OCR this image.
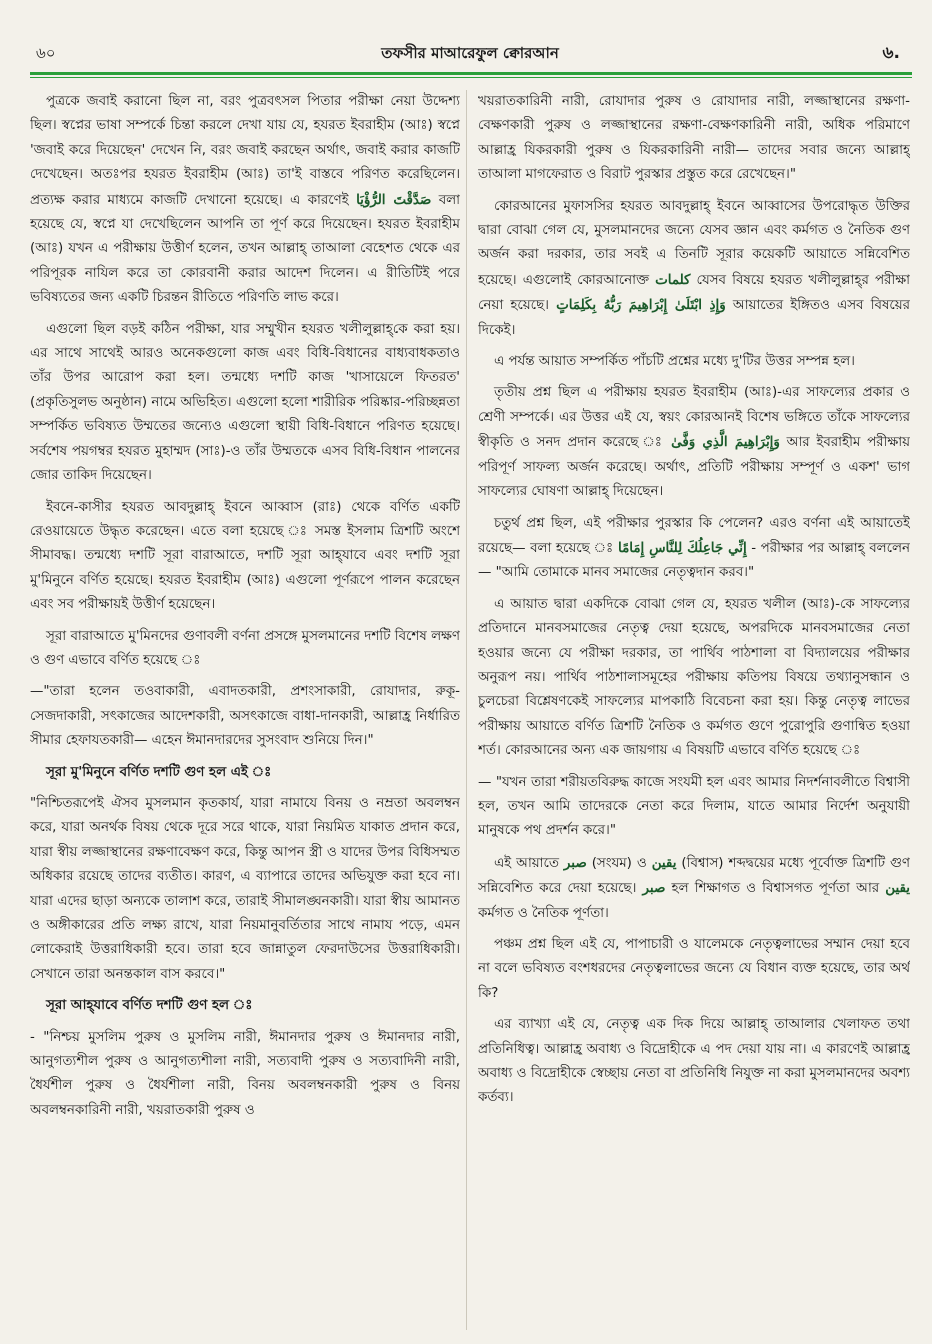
৬০	তফসীর মাআরেফুল ক্বোরআন	৬.

পুত্রকে জবাই করানো ছিল না, বরং পুত্রবৎসল পিতার পরীক্ষা নেয়া উদ্দেশ্য ছিল। স্বপ্নের ভাষা সম্পর্কে চিন্তা করলে দেখা যায় যে, হযরত ইবরাহীম (আঃ) স্বপ্নে 'জবাই করে দিয়েছেন' দেখেন নি, বরং জবাই করছেন অর্থাৎ, জবাই করার কাজটি দেখেছেন। অতঃপর হযরত ইবরাহীম (আঃ) তা'ই বাস্তবে পরিণত করেছিলেন। প্রত্যক্ষ করার মাধ্যমে কাজটি দেখানো হয়েছে। এ কারণেই صَدَّقْتَ الرُّؤْيَا বলা হয়েছে যে, স্বপ্নে যা দেখেছিলেন আপনি তা পূর্ণ করে দিয়েছেন। হযরত ইবরাহীম (আঃ) যখন এ পরীক্ষায় উত্তীর্ণ হলেন, তখন আল্লাহ্ তাআলা বেহেশত থেকে এর পরিপূরক নাযিল করে তা কোরবানী করার আদেশ দিলেন। এ রীতিটিই পরে ভবিষ্যতের জন্য একটি চিরন্তন রীতিতে পরিণতি লাভ করে।

এগুলো ছিল বড়ই কঠিন পরীক্ষা, যার সম্মুখীন হযরত খলীলুল্লাহ্‌কে করা হয়। এর সাথে সাথেই আরও অনেকগুলো কাজ এবং বিধি-বিধানের বাধ্যবাধকতাও তাঁর উপর আরোপ করা হল। তন্মধ্যে দশটি কাজ 'খাসায়েলে ফিতরত' (প্রকৃতিসুলভ অনুষ্ঠান) নামে অভিহিত। এগুলো হলো শারীরিক পরিষ্কার-পরিচ্ছন্নতা সম্পর্কিত ভবিষ্যত উম্মতের জন্যেও এগুলো স্থায়ী বিধি-বিধানে পরিণত হয়েছে। সর্বশেষ পয়গম্বর হযরত মুহাম্মদ (সাঃ)-ও তাঁর উম্মতকে এসব বিধি-বিধান পালনের জোর তাকিদ দিয়েছেন।

ইবনে-কাসীর হযরত আবদুল্লাহ্ ইবনে আব্বাস (রাঃ) থেকে বর্ণিত একটি রেওয়ায়েতে উদ্ধৃত করেছেন। এতে বলা হয়েছে ঃ সমস্ত ইসলাম ত্রিশটি অংশে সীমাবদ্ধ। তন্মধ্যে দশটি সূরা বারাআতে, দশটি সূরা আহ্‌যাবে এবং দশটি সূরা মু'মিনুনে বর্ণিত হয়েছে। হযরত ইবরাহীম (আঃ) এগুলো পূর্ণরূপে পালন করেছেন এবং সব পরীক্ষায়ই উত্তীর্ণ হয়েছেন।

সূরা বারাআতে মু'মিনদের গুণাবলী বর্ণনা প্রসঙ্গে মুসলমানের দশটি বিশেষ লক্ষণ ও গুণ এভাবে বর্ণিত হয়েছে ঃ

—"তারা হলেন তওবাকারী, এবাদতকারী, প্রশংসাকারী, রোযাদার, রুকূ-সেজদাকারী, সৎকাজের আদেশকারী, অসৎকাজে বাধা-দানকারী, আল্লাহ্র নির্ধারিত সীমার হেফাযতকারী— এহেন ঈমানদারদের সুসংবাদ শুনিয়ে দিন।"

সূরা মু'মিনুনে বর্ণিত দশটি গুণ হল এই ঃ

"নিশ্চিতরূপেই ঐসব মুসলমান কৃতকার্য, যারা নামাযে বিনয় ও নম্রতা অবলম্বন করে, যারা অনর্থক বিষয় থেকে দূরে সরে থাকে, যারা নিয়মিত যাকাত প্রদান করে, যারা স্বীয় লজ্জাস্থানের রক্ষণাবেক্ষণ করে, কিন্তু আপন স্ত্রী ও যাদের উপর বিধিসম্মত অধিকার রয়েছে তাদের ব্যতীত। কারণ, এ ব্যাপারে তাদের অভিযুক্ত করা হবে না। যারা এদের ছাড়া অন্যকে তালাশ করে, তারাই সীমালঙ্ঘনকারী। যারা স্বীয় আমানত ও অঙ্গীকারের প্রতি লক্ষ্য রাখে, যারা নিয়মানুবর্তিতার সাথে নামায পড়ে, এমন লোকেরাই উত্তরাধিকারী হবে। তারা হবে জান্নাতুল ফেরদাউসের উত্তরাধিকারী। সেখানে তারা অনন্তকাল বাস করবে।"

সূরা আহ্‌যাবে বর্ণিত দশটি গুণ হল ঃ

- "নিশ্চয় মুসলিম পুরুষ ও মুসলিম নারী, ঈমানদার পুরুষ ও ঈমানদার নারী, আনুগত্যশীল পুরুষ ও আনুগত্যশীলা নারী, সত্যবাদী পুরুষ ও সত্যবাদিনী নারী, ধৈর্যশীল পুরুষ ও ধৈর্যশীলা নারী, বিনয় অবলম্বনকারী পুরুষ ও বিনয় অবলম্বনকারিনী নারী, খয়রাতকারী পুরুষ ও

খয়রাতকারিনী নারী, রোযাদার পুরুষ ও রোযাদার নারী, লজ্জাস্থানের রক্ষণা-বেক্ষণকারী পুরুষ ও লজ্জাস্থানের রক্ষণা-বেক্ষণকারিনী নারী, অধিক পরিমাণে আল্লাহ্র যিকরকারী পুরুষ ও যিকরকারিনী নারী— তাদের সবার জন্যে আল্লাহ্ তাআলা মাগফেরাত ও বিরাট পুরস্কার প্রস্তুত করে রেখেছেন।"

কোরআনের মুফাসসির হযরত আবদুল্লাহ্ ইবনে আব্বাসের উপরোদ্ধৃত উক্তির দ্বারা বোঝা গেল যে, মুসলমানদের জন্যে যেসব জ্ঞান এবং কর্মগত ও নৈতিক গুণ অর্জন করা দরকার, তার সবই এ তিনটি সূরার কয়েকটি আয়াতে সন্নিবেশিত হয়েছে। এগুলোই কোরআনোক্ত كلمات যেসব বিষয়ে হযরত খলীলুল্লাহ্‌র পরীক্ষা নেয়া হয়েছে। وَإِذِ ابْتَلَىٰ إِبْرَاهِيمَ رَبُّهُ بِكَلِمَاتٍ আয়াতের ইঙ্গিতও এসব বিষয়ের দিকেই।

এ পর্যন্ত আয়াত সম্পর্কিত পাঁচটি প্রশ্নের মধ্যে দু'টির উত্তর সম্পন্ন হল।

তৃতীয় প্রশ্ন ছিল এ পরীক্ষায় হযরত ইবরাহীম (আঃ)-এর সাফল্যের প্রকার ও শ্রেণী সম্পর্কে। এর উত্তর এই যে, স্বয়ং কোরআনই বিশেষ ভঙ্গিতে তাঁকে সাফল্যের স্বীকৃতি ও সনদ প্রদান করেছে ঃ وَإِبْرَاهِيمَ الَّذِي وَفَّىٰ আর ইবরাহীম পরীক্ষায় পরিপূর্ণ সাফল্য অর্জন করেছে। অর্থাৎ, প্রতিটি পরীক্ষায় সম্পূর্ণ ও একশ' ভাগ সাফল্যের ঘোষণা আল্লাহ্ দিয়েছেন।

চতুর্থ প্রশ্ন ছিল, এই পরীক্ষার পুরস্কার কি পেলেন? এরও বর্ণনা এই আয়াতেই রয়েছে— বলা হয়েছে ঃ إِنِّي جَاعِلُكَ لِلنَّاسِ إِمَامًا - পরীক্ষার পর আল্লাহ্ বললেন— "আমি তোমাকে মানব সমাজের নেতৃত্বদান করব।"

এ আয়াত দ্বারা একদিকে বোঝা গেল যে, হযরত খলীল (আঃ)-কে সাফল্যের প্রতিদানে মানবসমাজের নেতৃত্ব দেয়া হয়েছে, অপরদিকে মানবসমাজের নেতা হওয়ার জন্যে যে পরীক্ষা দরকার, তা পার্থিব পাঠশালা বা বিদ্যালয়ের পরীক্ষার অনুরূপ নয়। পার্থিব পাঠশালাসমূহের পরীক্ষায় কতিপয় বিষয়ে তথ্যানুসন্ধান ও চুলচেরা বিশ্লেষণকেই সাফল্যের মাপকাঠি বিবেচনা করা হয়। কিন্তু নেতৃত্ব লাভের পরীক্ষায় আয়াতে বর্ণিত ত্রিশটি নৈতিক ও কর্মগত গুণে পুরোপুরি গুণান্বিত হওয়া শর্ত। কোরআনের অন্য এক জায়গায় এ বিষয়টি এভাবে বর্ণিত হয়েছে ঃ

— "যখন তারা শরীয়তবিরুদ্ধ কাজে সংযমী হল এবং আমার নিদর্শনাবলীতে বিশ্বাসী হল, তখন আমি তাদেরকে নেতা করে দিলাম, যাতে আমার নির্দেশ অনুযায়ী মানুষকে পথ প্রদর্শন করে।"

এই আয়াতে صبر (সংযম) ও يقين (বিশ্বাস) শব্দদ্বয়ের মধ্যে পূর্বোক্ত ত্রিশটি গুণ সন্নিবেশিত করে দেয়া হয়েছে। صبر হল শিক্ষাগত ও বিশ্বাসগত পূর্ণতা আর يقين কর্মগত ও নৈতিক পূর্ণতা।

পঞ্চম প্রশ্ন ছিল এই যে, পাপাচারী ও যালেমকে নেতৃত্বলাভের সম্মান দেয়া হবে না বলে ভবিষ্যত বংশধরদের নেতৃত্বলাভের জন্যে যে বিধান ব্যক্ত হয়েছে, তার অর্থ কি?

এর ব্যাখ্যা এই যে, নেতৃত্ব এক দিক দিয়ে আল্লাহ্ তাআলার খেলাফত তথা প্রতিনিধিত্ব। আল্লাহ্র অবাধ্য ও বিদ্রোহীকে এ পদ দেয়া যায় না। এ কারণেই আল্লাহ্র অবাধ্য ও বিদ্রোহীকে স্বেচ্ছায় নেতা বা প্রতিনিধি নিযুক্ত না করা মুসলমানদের অবশ্য কর্তব্য।
